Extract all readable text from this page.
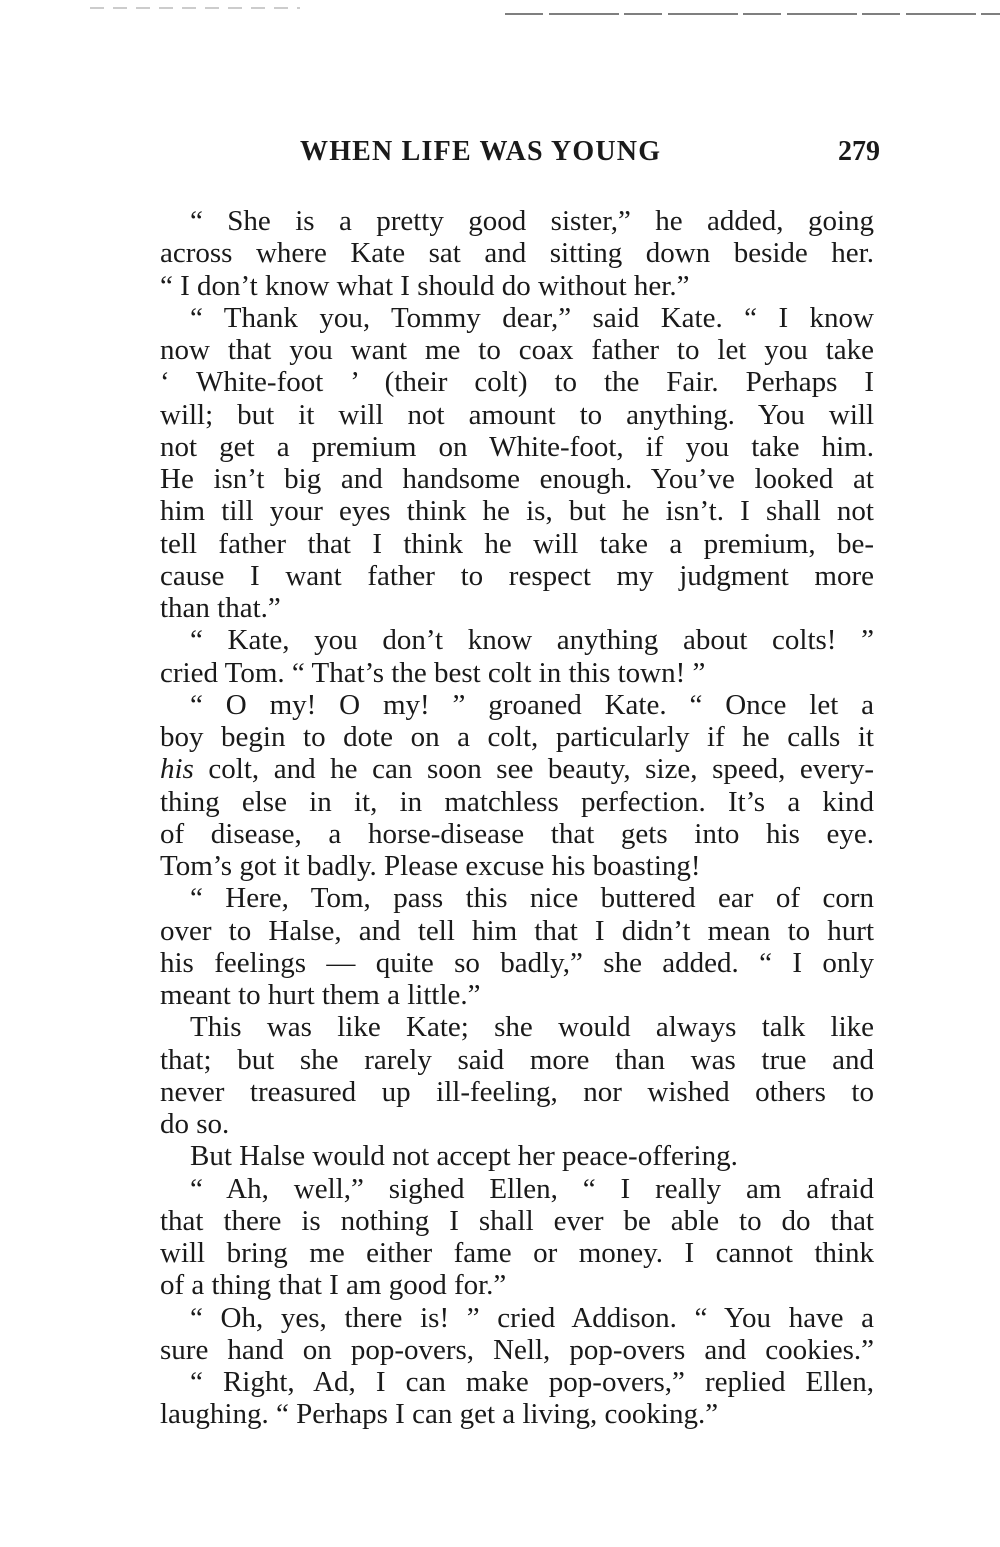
WHEN LIFE WAS YOUNG	279
“ She is a pretty good sister,” he added, going
across where Kate sat and sitting down beside her.
“ I don’t know what I should do without her.”
“ Thank you, Tommy dear,” said Kate. “ I know
now that you want me to coax father to let you take
‘ White-foot ’ (their colt) to the Fair. Perhaps I
will; but it will not amount to anything. You will
not get a premium on White-foot, if you take him.
He isn’t big and handsome enough. You’ve looked at
him till your eyes think he is, but he isn’t. I shall not
tell father that I think he will take a premium, be-
cause I want father to respect my judgment more
than that.”
“ Kate, you don’t know anything about colts! ”
cried Tom. “ That’s the best colt in this town! ”
“ O my! O my! ” groaned Kate. “ Once let a
boy begin to dote on a colt, particularly if he calls it
his colt, and he can soon see beauty, size, speed, every-
thing else in it, in matchless perfection. It’s a kind
of disease, a horse-disease that gets into his eye.
Tom’s got it badly. Please excuse his boasting!
“ Here, Tom, pass this nice buttered ear of corn
over to Halse, and tell him that I didn’t mean to hurt
his feelings — quite so badly,” she added. “ I only
meant to hurt them a little.”
This was like Kate; she would always talk like
that; but she rarely said more than was true and
never treasured up ill-feeling, nor wished others to
do so.
But Halse would not accept her peace-offering.
“ Ah, well,” sighed Ellen, “ I really am afraid
that there is nothing I shall ever be able to do that
will bring me either fame or money. I cannot think
of a thing that I am good for.”
“ Oh, yes, there is! ” cried Addison. “ You have a
sure hand on pop-overs, Nell, pop-overs and cookies.”
“ Right, Ad, I can make pop-overs,” replied Ellen,
laughing. “ Perhaps I can get a living, cooking.”
